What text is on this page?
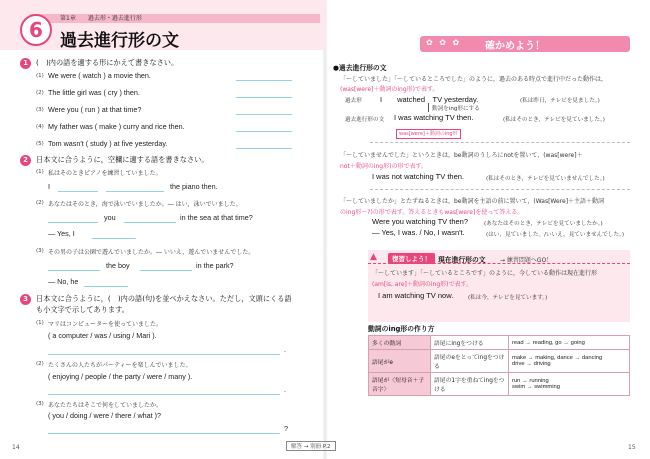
6	第1章　　過去形・過去進行形
過去進行形の文
1	(　)内の語を適する形にかえて書きなさい。
(1) We were ( watch ) a movie then.
(2) The little girl was ( cry ) then.
(3) Were you ( run ) at that time?
(4) My father was ( make ) curry and rice then.
(5) Tom wasn't ( study ) at five yesterday.
2	日本文に合うように，空欄に適する語を書きなさい。
(1) 私はそのときピアノを練習していました。
I	the piano then.
(2) あなたはそのとき，海で泳いでいましたか。― はい，泳いでいました。
you	in the sea at that time?
― Yes, I
(3) その男の子は公園で遊んでいましたか。― いいえ，遊んでいませんでした。
the boy	in the park?
― No, he
3	日本文に合うように，(　)内の語(句)を並べかえなさい。ただし，文頭にくる語
も小文字で示してあります。
(1) マリはコンピューターを使っていました。
( a computer / was / using / Mari ).
.
(2) たくさんの人たちがパーティーを楽しんでいました。
( enjoying / people / the party / were / many ).
.
(3) あなたたちはそこで何をしていましたか。
( you / doing / were / there / what )?
?
14	解答 → 別冊 P.2
✿ ✿ ✿ 確かめよう！
●過去進行形の文
「～していました」「～しているところでした」のように，過去のある時点で進行中だった動作は，
(was[were]＋動詞のing形)で表す。
過去形 I　　watched　TV yesterday.	(私は昨日，テレビを見ました。)
動詞をing形にする
過去進行形の文 I was watching TV then.	(私はそのとき，テレビを見ていました。)
was[were]＋動詞のing形
「～していませんでした」というときは，be動詞のうしろにnotを置いて，(was[were]＋
not＋動詞のing形)の形で表す。
I was not watching TV then.	(私はそのとき，テレビを見ていませんでした。)
「～していましたか」とたずねるときは，be動詞を主語の前に置いて，(Was[Were]＋主語＋動詞
のing形～?)の形で表す。答えるときもwas[were]を使って答える。
Were you watching TV then?	(あなたはそのとき，テレビを見ていましたか。)
― Yes, I was. / No, I wasn't.	(はい，見ていました。/いいえ，見ていませんでした。)
▲	復習しよう！	現在進行形の文 → 練習問題へGO！
「～しています」「～しているところです」のように，今している動作は現在進行形
(am[is, are]＋動詞のing形)で表す。
I am watching TV now.	(私は今，テレビを見ています。)
動詞のing形の作り方
多くの動詞	語尾にingをつける	read → reading, go → going

語尾がe	語尾のeをとってingをつける	make → making, dance → dancing
drive → driving

語尾が〈短母音＋子音字〉	語尾の1字を重ねてingをつける	run → running
swim → swimming
15
